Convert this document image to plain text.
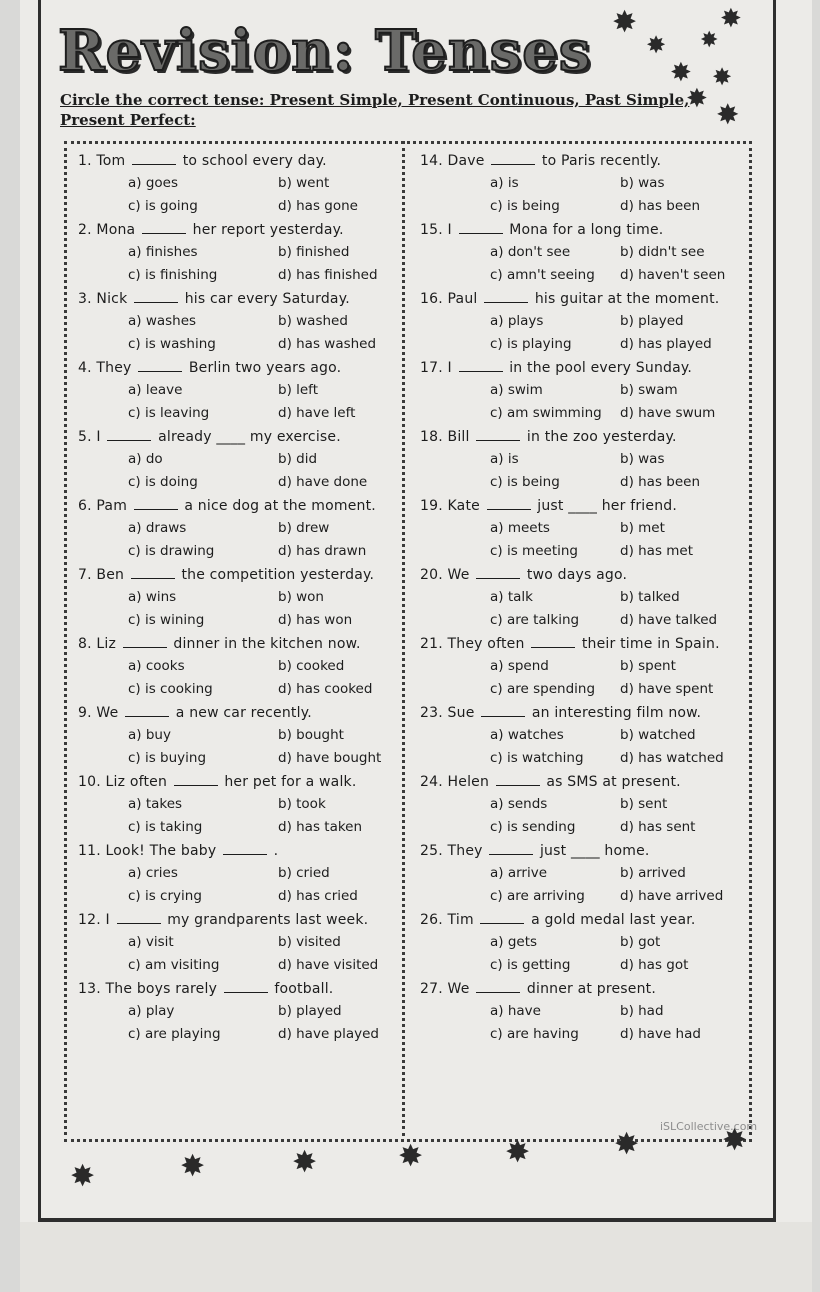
Revision: Tenses
Circle the correct tense: Present Simple, Present Continuous, Past Simple,
Present Perfect:
1. Tom	to school every day.
a) goes	b) went
c) is going	d) has gone
2. Mona	her report yesterday.
a) finishes	b) finished
c) is finishing	d) has finished
3. Nick	his car every Saturday.
a) washes	b) washed
c) is washing	d) has washed
4. They	Berlin two years ago.
a) leave	b) left
c) is leaving	d) have left
5. I	already ____ my exercise.
a) do	b) did
c) is doing	d) have done
6. Pam	a nice dog at the moment.
a) draws	b) drew
c) is drawing	d) has drawn
7. Ben	the competition yesterday.
a) wins	b) won
c) is wining	d) has won
8. Liz	dinner in the kitchen now.
a) cooks	b) cooked
c) is cooking	d) has cooked
9. We	a new car recently.
a) buy	b) bought
c) is buying	d) have bought
10. Liz often	her pet for a walk.
a) takes	b) took
c) is taking	d) has taken
11. Look! The baby	.
a) cries	b) cried
c) is crying	d) has cried
12. I	my grandparents last week.
a) visit	b) visited
c) am visiting	d) have visited
13. The boys rarely	football.
a) play	b) played
c) are playing	d) have played
14. Dave	to Paris recently.
a) is	b) was
c) is being	d) has been
15. I	Mona for a long time.
a) don't see	b) didn't see
c) amn't seeing	d) haven't seen
16. Paul	his guitar at the moment.
a) plays	b) played
c) is playing	d) has played
17. I	in the pool every Sunday.
a) swim	b) swam
c) am swimming	d) have swum
18. Bill	in the zoo yesterday.
a) is	b) was
c) is being	d) has been
19. Kate	just ____ her friend.
a) meets	b) met
c) is meeting	d) has met
20. We	two days ago.
a) talk	b) talked
c) are talking	d) have talked
21. They often	their time in Spain.
a) spend	b) spent
c) are spending	d) have spent
23. Sue	an interesting film now.
a) watches	b) watched
c) is watching	d) has watched
24. Helen	as SMS at present.
a) sends	b) sent
c) is sending	d) has sent
25. They	just ____ home.
a) arrive	b) arrived
c) are arriving	d) have arrived
26. Tim	a gold medal last year.
a) gets	b) got
c) is getting	d) has got
27. We	dinner at present.
a) have	b) had
c) are having	d) have had
✸	✸
✸ ✸
✸ ✸
✸ ✸
✸	✸	✸	✸	✸	✸	✸
iSLCollective.com
